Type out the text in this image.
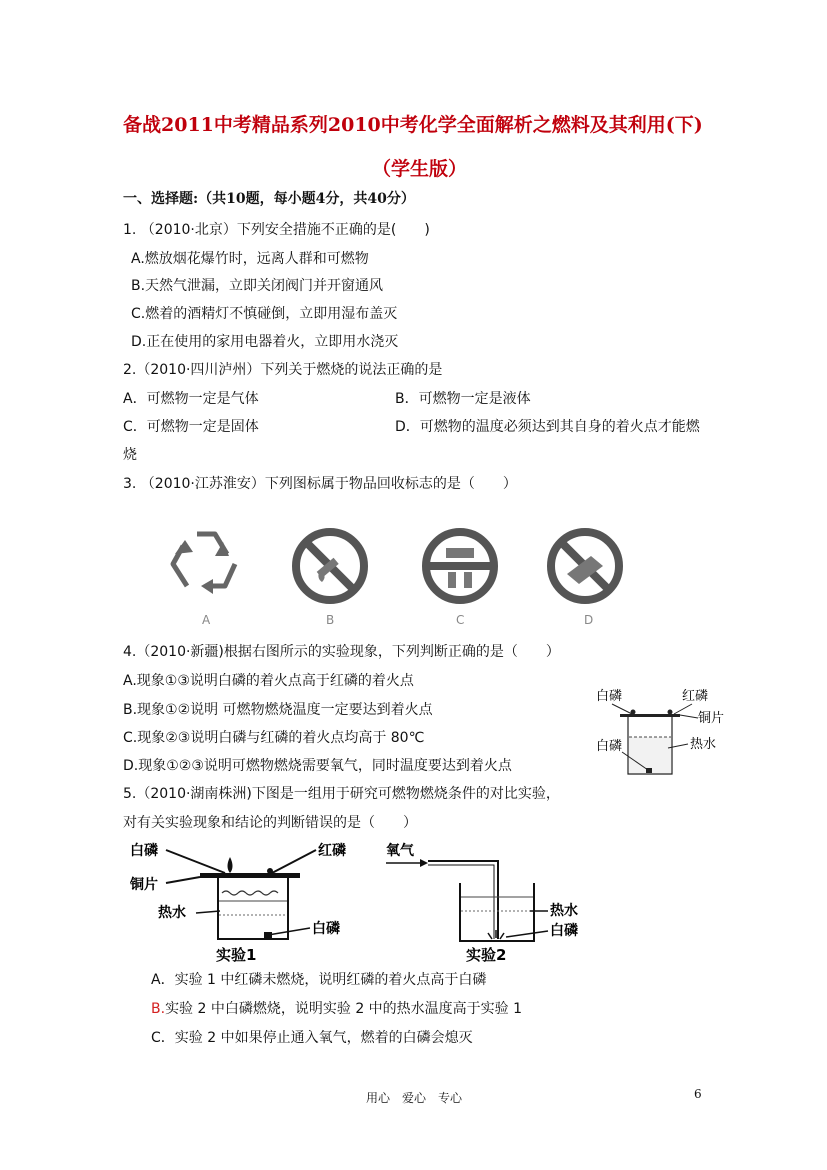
备战2011中考精品系列2010中考化学全面解析之燃料及其利用(下)
（学生版）
一、选择题:（共10题，每小题4分，共40分）
1. （2010·北京）下列安全措施不正确的是(　　)
A.燃放烟花爆竹时，远离人群和可燃物
B.天然气泄漏，立即关闭阀门并开窗通风
C.燃着的酒精灯不慎碰倒，立即用湿布盖灭
D.正在使用的家用电器着火，立即用水浇灭
2.（2010·四川泸州）下列关于燃烧的说法正确的是
A．可燃物一定是气体	B．可燃物一定是液体
C．可燃物一定是固体	D．可燃物的温度必须达到其自身的着火点才能燃
烧
3. （2010·江苏淮安）下列图标属于物品回收标志的是（　　）
A	B	C	D
4.（2010·新疆)根据右图所示的实验现象，下列判断正确的是（　　）
A.现象①③说明白磷的着火点高于红磷的着火点
B.现象①②说明 可燃物燃烧温度一定要达到着火点
C.现象②③说明白磷与红磷的着火点均高于 80℃
D.现象①②③说明可燃物燃烧需要氧气，同时温度要达到着火点
白磷	红磷
铜片
白磷	热水
5.（2010·湖南株洲)下图是一组用于研究可燃物燃烧条件的对比实验，
对有关实验现象和结论的判断错误的是（　　）
白磷	红磷
铜片
热水
白磷
实验1
氧气
热水
白磷
实验2
A．实验 1 中红磷未燃烧，说明红磷的着火点高于白磷
B.实验 2 中白磷燃烧，说明实验 2 中的热水温度高于实验 1
C．实验 2 中如果停止通入氧气，燃着的白磷会熄灭
用心　爱心　专心	6
